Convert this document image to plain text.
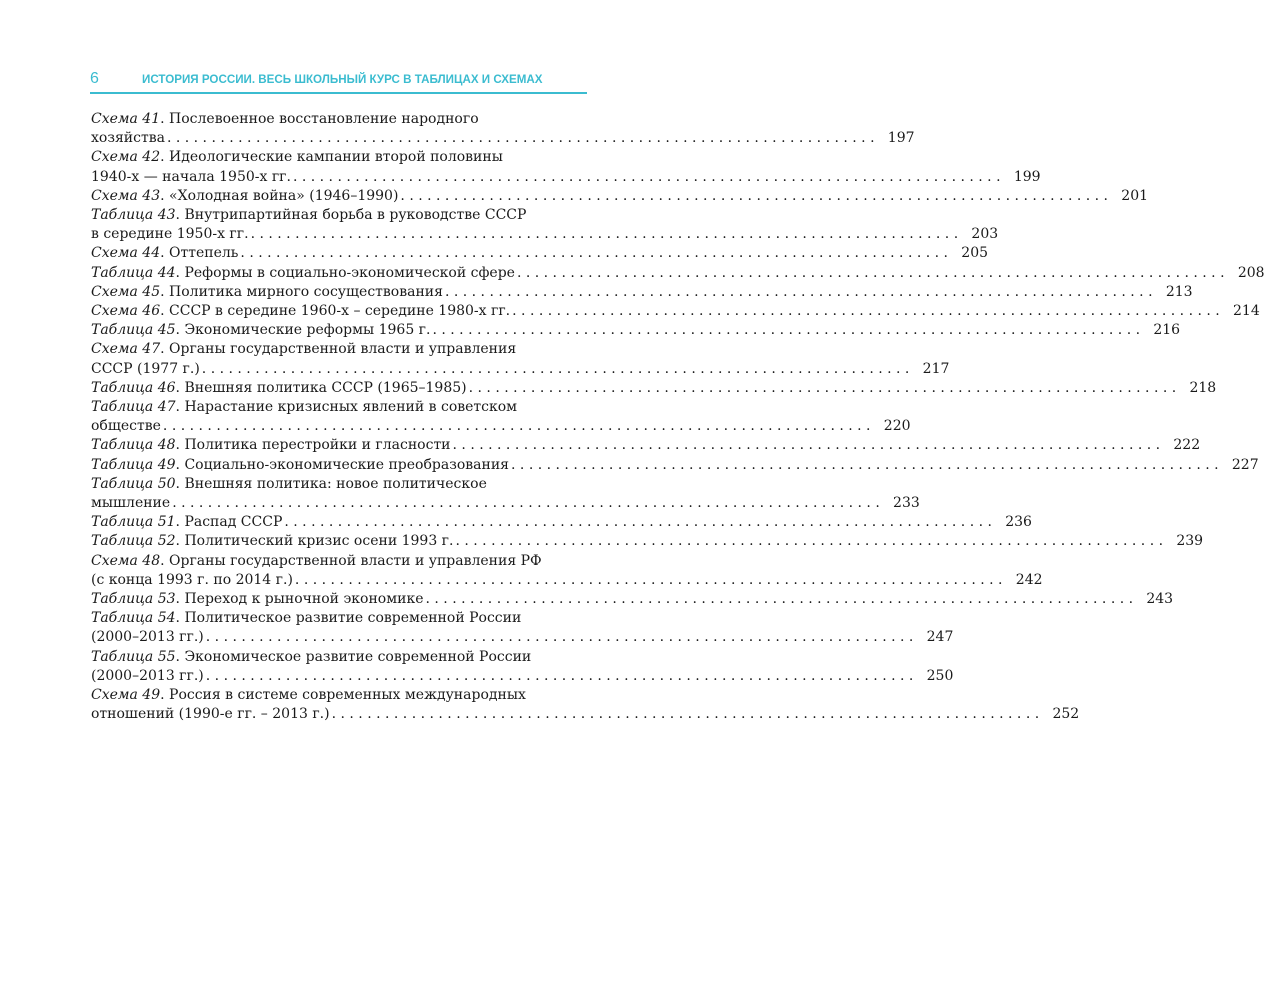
6	ИСТОРИЯ РОССИИ. ВЕСЬ ШКОЛЬНЫЙ КУРС В ТАБЛИЦАХ И СХЕМАХ
Схема 41. Послевоенное восстановление народного
хозяйства . . . . . . . . . . . . . . . . . . . . . . . . . . . . . . . . . . . . . . . . . . . . . . . . . . . . . . . . . . . . . . . . . . . . . . . . . . . . . . . . 197
Схема 42. Идеологические кампании второй половины
1940-х — начала 1950-х гг. . . . . . . . . . . . . . . . . . . . . . . . . . . . . . . . . . . . . . . . . . . . . . . . . . . . . . . . . . . . . . . . . . . . . . . . . . . . . . . . . 199
Схема 43. «Холодная война» (1946–1990) . . . . . . . . . . . . . . . . . . . . . . . . . . . . . . . . . . . . . . . . . . . . . . . . . . . . . . . . . . . . . . . . . . . . . . . . . . . . . . . . 201
Таблица 43. Внутрипартийная борьба в руководстве СССР
в середине 1950-х гг. . . . . . . . . . . . . . . . . . . . . . . . . . . . . . . . . . . . . . . . . . . . . . . . . . . . . . . . . . . . . . . . . . . . . . . . . . . . . . . . . 203
Схема 44. Оттепель . . . . . . . . . . . . . . . . . . . . . . . . . . . . . . . . . . . . . . . . . . . . . . . . . . . . . . . . . . . . . . . . . . . . . . . . . . . . . . . . 205
Таблица 44. Реформы в социально-экономической сфере . . . . . . . . . . . . . . . . . . . . . . . . . . . . . . . . . . . . . . . . . . . . . . . . . . . . . . . . . . . . . . . . . . . . . . . . . . . . . . . . 208
Схема 45. Политика мирного сосуществования . . . . . . . . . . . . . . . . . . . . . . . . . . . . . . . . . . . . . . . . . . . . . . . . . . . . . . . . . . . . . . . . . . . . . . . . . . . . . . . . 213
Схема 46. СССР в середине 1960-х – середине 1980-х гг. . . . . . . . . . . . . . . . . . . . . . . . . . . . . . . . . . . . . . . . . . . . . . . . . . . . . . . . . . . . . . . . . . . . . . . . . . . . . . . . . 214
Таблица 45. Экономические реформы 1965 г. . . . . . . . . . . . . . . . . . . . . . . . . . . . . . . . . . . . . . . . . . . . . . . . . . . . . . . . . . . . . . . . . . . . . . . . . . . . . . . . . 216
Схема 47. Органы государственной власти и управления
СССР (1977 г.) . . . . . . . . . . . . . . . . . . . . . . . . . . . . . . . . . . . . . . . . . . . . . . . . . . . . . . . . . . . . . . . . . . . . . . . . . . . . . . . . 217
Таблица 46. Внешняя политика СССР (1965–1985) . . . . . . . . . . . . . . . . . . . . . . . . . . . . . . . . . . . . . . . . . . . . . . . . . . . . . . . . . . . . . . . . . . . . . . . . . . . . . . . . 218
Таблица 47. Нарастание кризисных явлений в советском
обществе . . . . . . . . . . . . . . . . . . . . . . . . . . . . . . . . . . . . . . . . . . . . . . . . . . . . . . . . . . . . . . . . . . . . . . . . . . . . . . . . 220
Таблица 48. Политика перестройки и гласности . . . . . . . . . . . . . . . . . . . . . . . . . . . . . . . . . . . . . . . . . . . . . . . . . . . . . . . . . . . . . . . . . . . . . . . . . . . . . . . . 222
Таблица 49. Социально-экономические преобразования . . . . . . . . . . . . . . . . . . . . . . . . . . . . . . . . . . . . . . . . . . . . . . . . . . . . . . . . . . . . . . . . . . . . . . . . . . . . . . . . 227
Таблица 50. Внешняя политика: новое политическое
мышление . . . . . . . . . . . . . . . . . . . . . . . . . . . . . . . . . . . . . . . . . . . . . . . . . . . . . . . . . . . . . . . . . . . . . . . . . . . . . . . . 233
Таблица 51. Распад СССР . . . . . . . . . . . . . . . . . . . . . . . . . . . . . . . . . . . . . . . . . . . . . . . . . . . . . . . . . . . . . . . . . . . . . . . . . . . . . . . . 236
Таблица 52. Политический кризис осени 1993 г. . . . . . . . . . . . . . . . . . . . . . . . . . . . . . . . . . . . . . . . . . . . . . . . . . . . . . . . . . . . . . . . . . . . . . . . . . . . . . . . . 239
Схема 48. Органы государственной власти и управления РФ
(с конца 1993 г. по 2014 г.) . . . . . . . . . . . . . . . . . . . . . . . . . . . . . . . . . . . . . . . . . . . . . . . . . . . . . . . . . . . . . . . . . . . . . . . . . . . . . . . . 242
Таблица 53. Переход к рыночной экономике . . . . . . . . . . . . . . . . . . . . . . . . . . . . . . . . . . . . . . . . . . . . . . . . . . . . . . . . . . . . . . . . . . . . . . . . . . . . . . . . 243
Таблица 54. Политическое развитие современной России
(2000–2013 гг.) . . . . . . . . . . . . . . . . . . . . . . . . . . . . . . . . . . . . . . . . . . . . . . . . . . . . . . . . . . . . . . . . . . . . . . . . . . . . . . . . 247
Таблица 55. Экономическое развитие современной России
(2000–2013 гг.) . . . . . . . . . . . . . . . . . . . . . . . . . . . . . . . . . . . . . . . . . . . . . . . . . . . . . . . . . . . . . . . . . . . . . . . . . . . . . . . . 250
Схема 49. Россия в системе современных международных
отношений (1990-е гг. – 2013 г.) . . . . . . . . . . . . . . . . . . . . . . . . . . . . . . . . . . . . . . . . . . . . . . . . . . . . . . . . . . . . . . . . . . . . . . . . . . . . . . . . 252
